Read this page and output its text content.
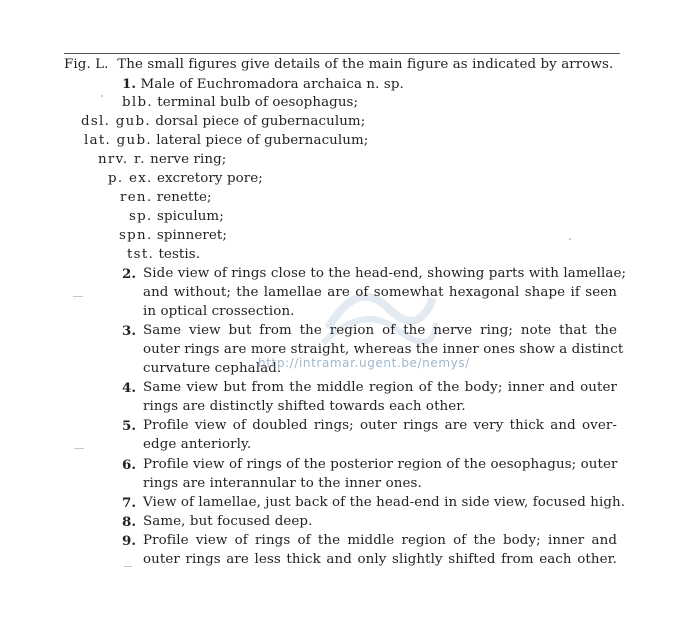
Fig. L. The small figures give details of the main figure as indicated by arrows.
1. Male of Euchromadora archaica n. sp.
blb. terminal bulb of oesophagus;
dsl. gub. dorsal piece of gubernaculum;
lat. gub. lateral piece of gubernaculum;
nrv. r. nerve ring;
p. ex. excretory pore;
ren. renette;
sp. spiculum;
spn. spinneret;
tst. testis.
2. Side view of rings close to the head-end, showing parts with lamellae;
and without; the lamellae are of somewhat hexagonal shape if seen
in optical crossection.
3. Same view but from the region of the nerve ring; note that the
outer rings are more straight, whereas the inner ones show a distinct
curvature cephalad.
4. Same view but from the middle region of the body; inner and outer
rings are distinctly shifted towards each other.
5. Profile view of doubled rings; outer rings are very thick and over-
edge anteriorly.
6. Profile view of rings of the posterior region of the oesophagus; outer
rings are interannular to the inner ones.
7. View of lamellae, just back of the head-end in side view, focused high.
8. Same, but focused deep.
9. Profile view of rings of the middle region of the body; inner and
outer rings are less thick and only slightly shifted from each other.
http://intramar.ugent.be/nemys/
